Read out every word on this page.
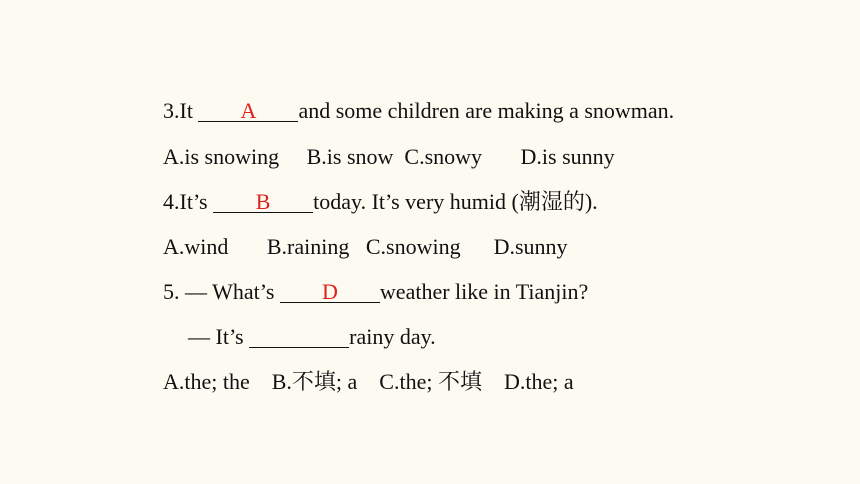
3.It	A	and some children are making a snowman.
A.is snowing     B.is snow  C.snowy       D.is sunny
4.It’s	B	today. It’s very humid (潮湿的).
A.wind       B.raining   C.snowing      D.sunny
5. — What’s	D	weather like in Tianjin?
— It’s	rainy day.
A.the; the    B.不填; a    C.the; 不填    D.the; a
